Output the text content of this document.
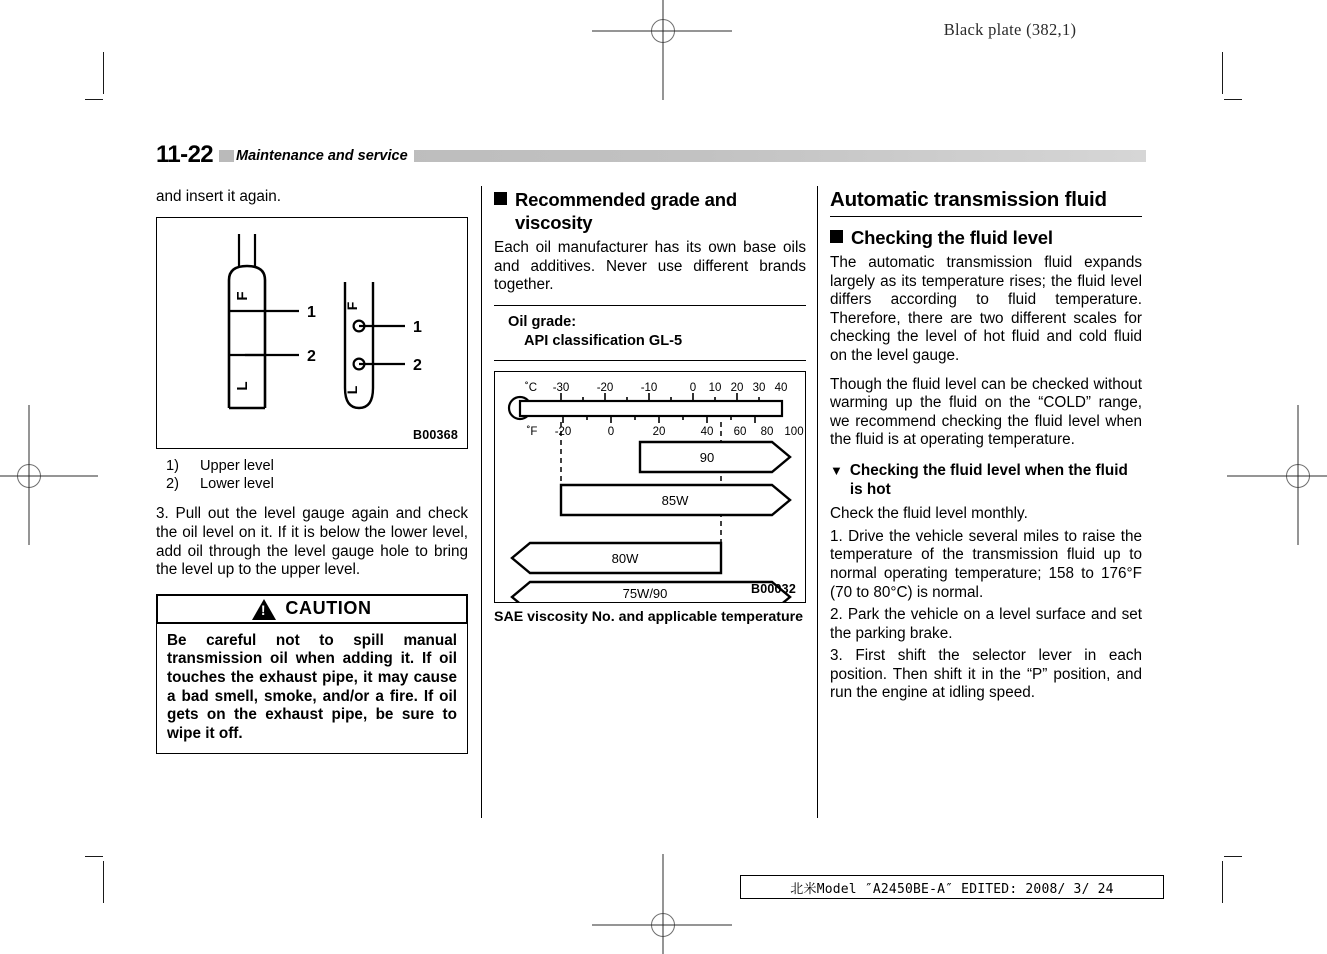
Black plate (382,1)
11-22	Maintenance and service

and insert it again.

F
L
1
2
F
L
1
2
B00368
1)	Upper level
2)	Lower level

3. Pull out the level gauge again and check the oil level on it. If it is below the lower level, add oil through the level gauge hole to bring the level up to the upper level.

!
CAUTION

Be careful not to spill manual transmission oil when adding it. If oil touches the exhaust pipe, it may cause a bad smell, smoke, and/or a fire. If oil gets on the exhaust pipe, be sure to wipe it off.

Recommended grade and viscosity

Each oil manufacturer has its own base oils and additives. Never use different brands together.

Oil grade:
API classification GL-5
˚C -30 -20 -10	0 10 20 30 40
˚F -20	0	20	40 60 80 100
90
85W
80W
75W/90	B00032
SAE viscosity No. and applicable temperature
Automatic transmission fluid
Checking the fluid level

The automatic transmission fluid expands largely as its temperature rises; the fluid level differs according to fluid temperature. Therefore, there are two different scales for checking the level of hot fluid and cold fluid on the level gauge.

Though the fluid level can be checked without warming up the fluid on the “COLD” range, we recommend checking the fluid level when the fluid is at operating temperature.

▼ Checking the fluid level when the fluid is hot

Check the fluid level monthly.

1. Drive the vehicle several miles to raise the temperature of the transmission fluid up to normal operating temperature; 158 to 176°F (70 to 80°C) is normal.

2. Park the vehicle on a level surface and set the parking brake.

3. First shift the selector lever in each position. Then shift it in the “P” position, and run the engine at idling speed.

北米Model ″A2450BE-A″ EDITED: 2008/ 3/ 24
